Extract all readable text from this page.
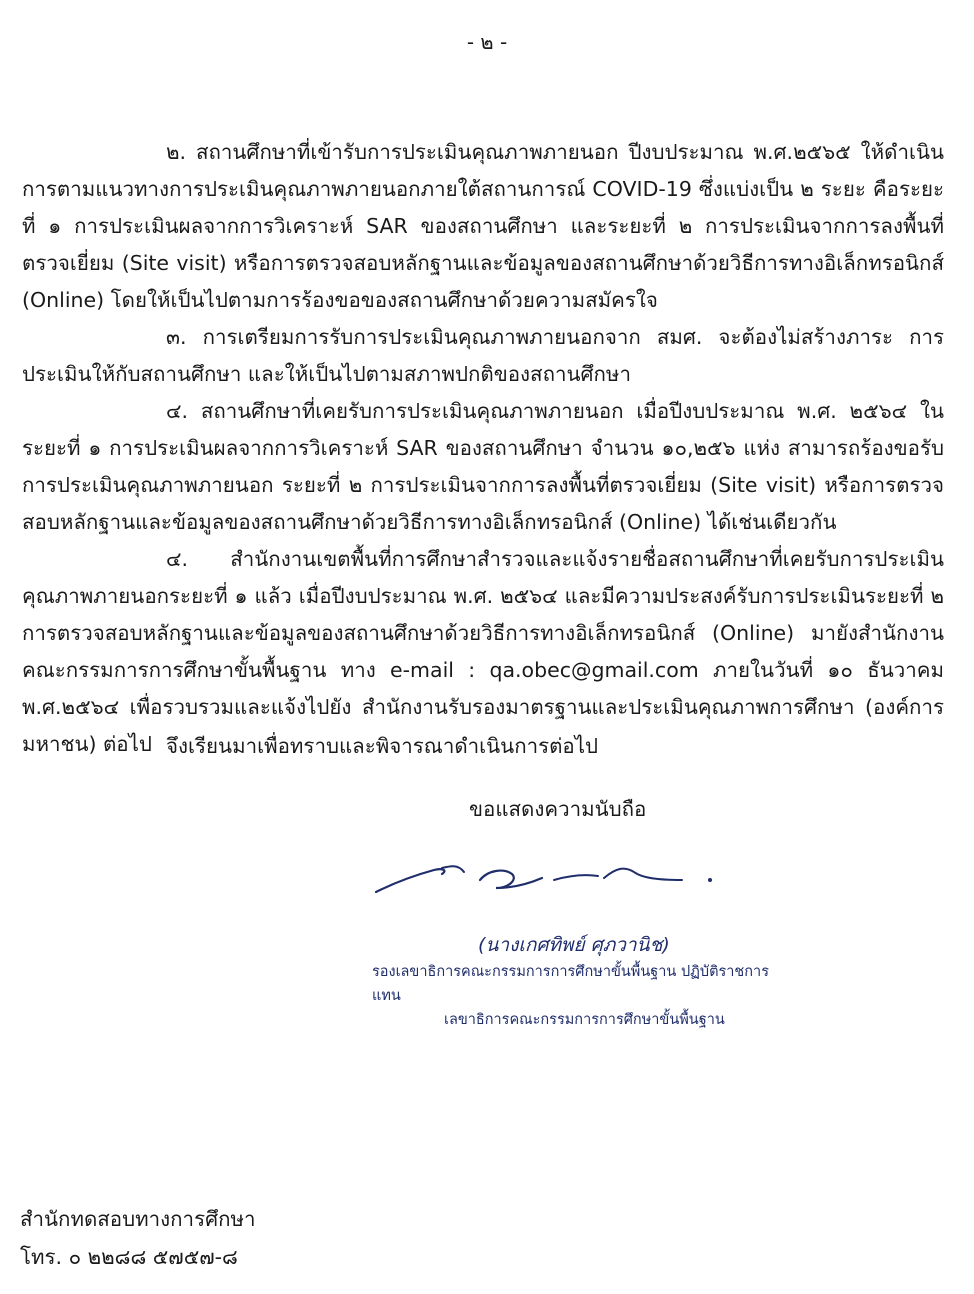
- ๒ -

๒. สถานศึกษาที่เข้ารับการประเมินคุณภาพภายนอก ปีงบประมาณ พ.ศ.๒๕๖๕ ให้ดำเนินการตามแนวทางการประเมินคุณภาพภายนอกภายใต้สถานการณ์ COVID-19 ซึ่งแบ่งเป็น ๒ ระยะ คือระยะที่ ๑ การประเมินผลจากการวิเคราะห์ SAR ของสถานศึกษา และระยะที่ ๒ การประเมินจากการลงพื้นที่ตรวจเยี่ยม (Site visit) หรือการตรวจสอบหลักฐานและข้อมูลของสถานศึกษาด้วยวิธีการทางอิเล็กทรอนิกส์ (Online) โดยให้เป็นไปตามการร้องขอของสถานศึกษาด้วยความสมัครใจ

๓. การเตรียมการรับการประเมินคุณภาพภายนอกจาก สมศ. จะต้องไม่สร้างภาระ การประเมินให้กับสถานศึกษา และให้เป็นไปตามสภาพปกติของสถานศึกษา

๔. สถานศึกษาที่เคยรับการประเมินคุณภาพภายนอก เมื่อปีงบประมาณ พ.ศ. ๒๕๖๔ ในระยะที่ ๑ การประเมินผลจากการวิเคราะห์ SAR ของสถานศึกษา จำนวน ๑๐,๒๕๖ แห่ง สามารถร้องขอรับการประเมินคุณภาพภายนอก ระยะที่ ๒ การประเมินจากการลงพื้นที่ตรวจเยี่ยม (Site visit) หรือการตรวจสอบหลักฐานและข้อมูลของสถานศึกษาด้วยวิธีการทางอิเล็กทรอนิกส์ (Online) ได้เช่นเดียวกัน

๔. สำนักงานเขตพื้นที่การศึกษาสำรวจและแจ้งรายชื่อสถานศึกษาที่เคยรับการประเมิน คุณภาพภายนอกระยะที่ ๑ แล้ว เมื่อปีงบประมาณ พ.ศ. ๒๕๖๔ และมีความประสงค์รับการประเมินระยะที่ ๒ การตรวจสอบหลักฐานและข้อมูลของสถานศึกษาด้วยวิธีการทางอิเล็กทรอนิกส์ (Online) มายังสำนักงานคณะกรรมการการศึกษาขั้นพื้นฐาน ทาง e-mail : qa.obec@gmail.com ภายในวันที่ ๑๐ ธันวาคม พ.ศ.๒๕๖๔ เพื่อรวบรวมและแจ้งไปยัง สำนักงานรับรองมาตรฐานและประเมินคุณภาพการศึกษา (องค์การมหาชน) ต่อไป จึงเรียนมาเพื่อทราบและพิจารณาดำเนินการต่อไป
ขอแสดงความนับถือ
(นางเกศทิพย์ ศุภวานิช)
รองเลขาธิการคณะกรรมการการศึกษาขั้นพื้นฐาน ปฏิบัติราชการแทน
เลขาธิการคณะกรรมการการศึกษาขั้นพื้นฐาน
สำนักทดสอบทางการศึกษา
โทร. ๐ ๒๒๘๘ ๕๗๕๗-๘
